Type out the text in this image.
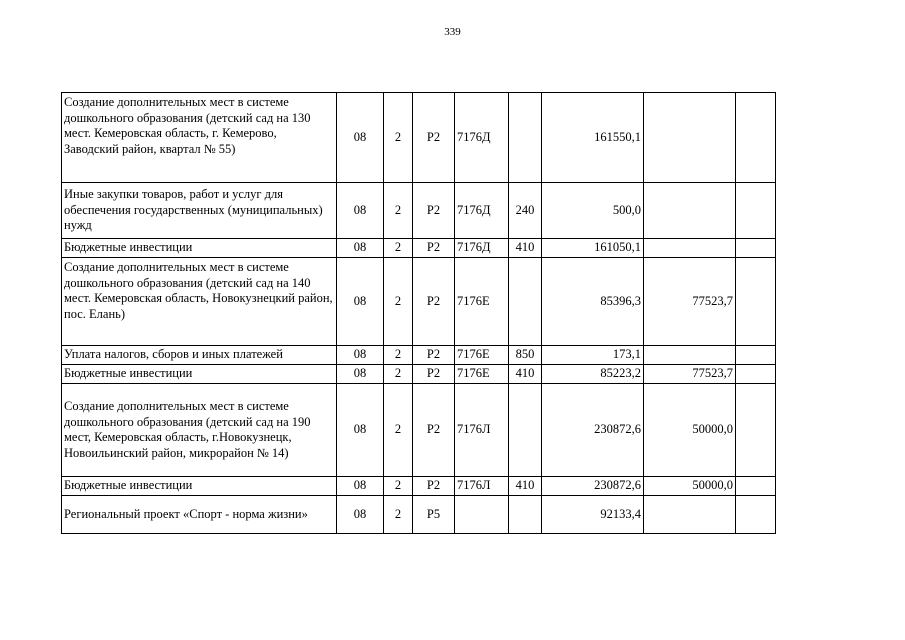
339
Создание дополнительных мест в системе дошкольного образования (детский сад на 130 мест. Кемеровская область, г. Кемерово, Заводский район, квартал № 55)	08	2	Р2	7176Д		161550,1		
Иные закупки товаров, работ и услуг для обеспечения государственных (муниципальных) нужд	08	2	Р2	7176Д	240	500,0		
Бюджетные инвестиции	08	2	Р2	7176Д	410	161050,1		
Создание дополнительных мест в системе дошкольного образования (детский сад на 140 мест. Кемеровская область, Новокузнецкий район, пос. Елань)	08	2	Р2	7176Е		85396,3	77523,7	
Уплата налогов, сборов и иных платежей	08	2	Р2	7176Е	850	173,1		
Бюджетные инвестиции	08	2	Р2	7176Е	410	85223,2	77523,7	
Создание дополнительных мест в системе дошкольного образования (детский сад на 190 мест, Кемеровская область, г.Новокузнецк, Новоильинский район, микрорайон № 14)	08	2	Р2	7176Л		230872,6	50000,0	
Бюджетные инвестиции	08	2	Р2	7176Л	410	230872,6	50000,0	
Региональный проект «Спорт - норма жизни»	08	2	Р5			92133,4		
